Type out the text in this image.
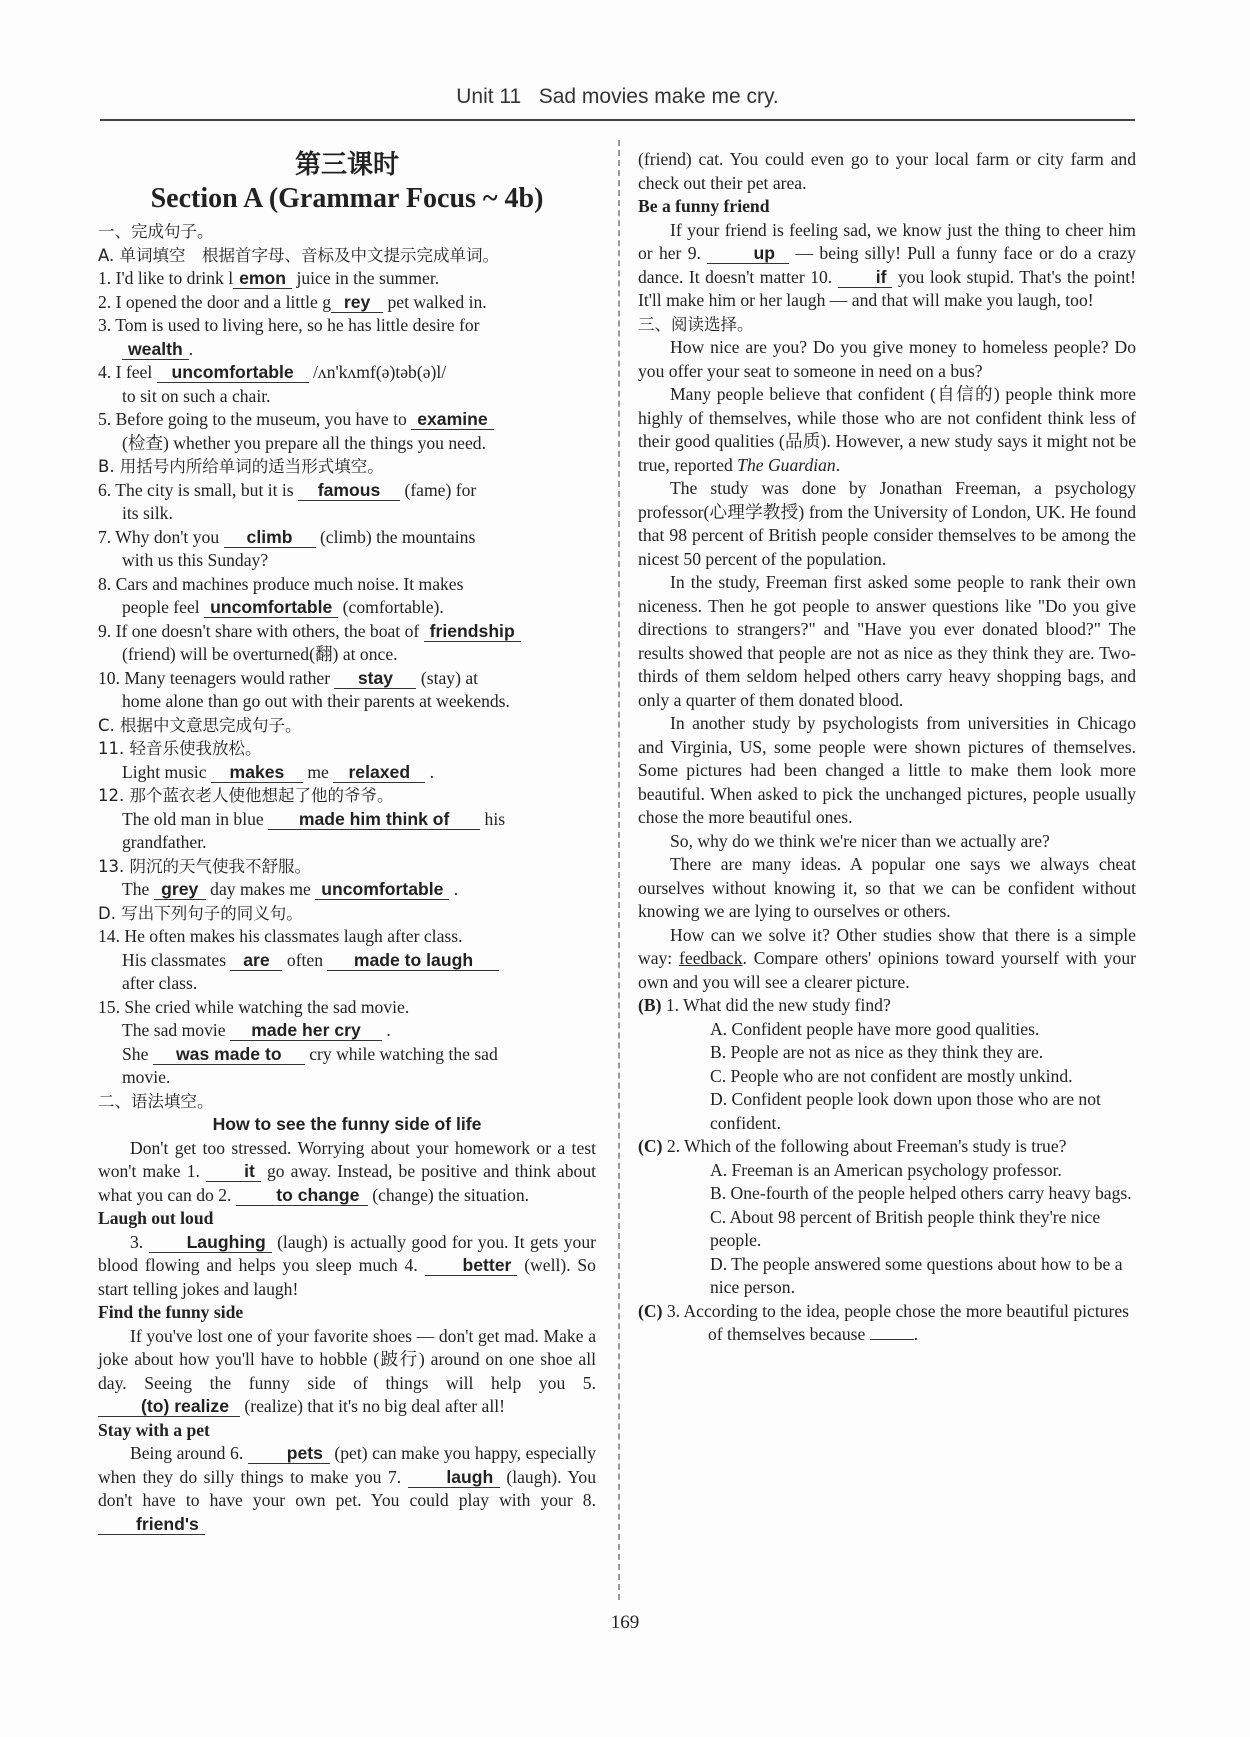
Unit 11 Sad movies make me cry.
第三课时
Section A (Grammar Focus ~ 4b)
一、完成句子。
A. 单词填空　根据首字母、音标及中文提示完成单词。
1. I'd like to drink l emon juice in the summer.
2. I opened the door and a little g rey pet walked in.
3. Tom is used to living here, so he has little desire for
wealth .
4. I feel uncomfortable /ʌn'kʌmf(ə)təb(ə)l/
to sit on such a chair.
5. Before going to the museum, you have to examine
(检查) whether you prepare all the things you need.
B. 用括号内所给单词的适当形式填空。
6. The city is small, but it is famous (fame) for
its silk.
7. Why don't you climb (climb) the mountains
with us this Sunday?
8. Cars and machines produce much noise. It makes
people feel uncomfortable (comfortable).
9. If one doesn't share with others, the boat of friendship
(friend) will be overturned(翻) at once.
10. Many teenagers would rather stay (stay) at
home alone than go out with their parents at weekends.
C. 根据中文意思完成句子。
11. 轻音乐使我放松。
Light music makes me relaxed .
12. 那个蓝衣老人使他想起了他的爷爷。
The old man in blue made him think of his
grandfather.
13. 阴沉的天气使我不舒服。
The grey day makes me uncomfortable .
D. 写出下列句子的同义句。
14. He often makes his classmates laugh after class.
His classmates are often made to laugh
after class.
15. She cried while watching the sad movie.
The sad movie made her cry .
She was made to cry while watching the sad
movie.
二、语法填空。
How to see the funny side of life
Don't get too stressed. Worrying about your homework or a test won't make 1.	it go away. Instead, be positive and think about what you can do 2.	to change (change) the situation.
Laugh out loud
3. Laughing (laugh) is actually good for you. It gets your blood flowing and helps you sleep much 4.	better (well). So start telling jokes and laugh!
Find the funny side
If you've lost one of your favorite shoes — don't get mad. Make a joke about how you'll have to hobble (跛行) around on one shoe all day. Seeing the funny side of things will help you 5. (to) realize (realize) that it's no big deal after all!
Stay with a pet
Being around 6. pets (pet) can make you happy, especially when they do silly things to make you 7.	laugh (laugh). You don't have to have your own pet. You could play with your 8. friend's
(friend) cat. You could even go to your local farm or city farm and check out their pet area.
Be a funny friend
If your friend is feeling sad, we know just the thing to cheer him or her 9.	up — being silly! Pull a funny face or do a crazy dance. It doesn't matter 10. if you look stupid. That's the point! It'll make him or her laugh — and that will make you laugh, too!
三、阅读选择。
How nice are you? Do you give money to homeless people? Do you offer your seat to someone in need on a bus?
Many people believe that confident (自信的) people think more highly of themselves, while those who are not confident think less of their good qualities (品质). However, a new study says it might not be true, reported The Guardian.
The study was done by Jonathan Freeman, a psychology professor(心理学教授) from the University of London, UK. He found that 98 percent of British people consider themselves to be among the nicest 50 percent of the population.
In the study, Freeman first asked some people to rank their own niceness. Then he got people to answer questions like "Do you give directions to strangers?" and "Have you ever donated blood?" The results showed that people are not as nice as they think they are. Two-thirds of them seldom helped others carry heavy shopping bags, and only a quarter of them donated blood.
In another study by psychologists from universities in Chicago and Virginia, US, some people were shown pictures of themselves. Some pictures had been changed a little to make them look more beautiful. When asked to pick the unchanged pictures, people usually chose the more beautiful ones.
So, why do we think we're nicer than we actually are?
There are many ideas. A popular one says we always cheat ourselves without knowing it, so that we can be confident without knowing we are lying to ourselves or others.
How can we solve it? Other studies show that there is a simple way: feedback. Compare others' opinions toward yourself with your own and you will see a clearer picture.
(B) 1. What did the new study find?
A. Confident people have more good qualities.
B. People are not as nice as they think they are.
C. People who are not confident are mostly unkind.
D. Confident people look down upon those who are not confident.
(C) 2. Which of the following about Freeman's study is true?
A. Freeman is an American psychology professor.
B. One-fourth of the people helped others carry heavy bags.
C. About 98 percent of British people think they're nice people.
D. The people answered some questions about how to be a nice person.
(C) 3. According to the idea, people chose the more beautiful pictures of themselves because	.
169
